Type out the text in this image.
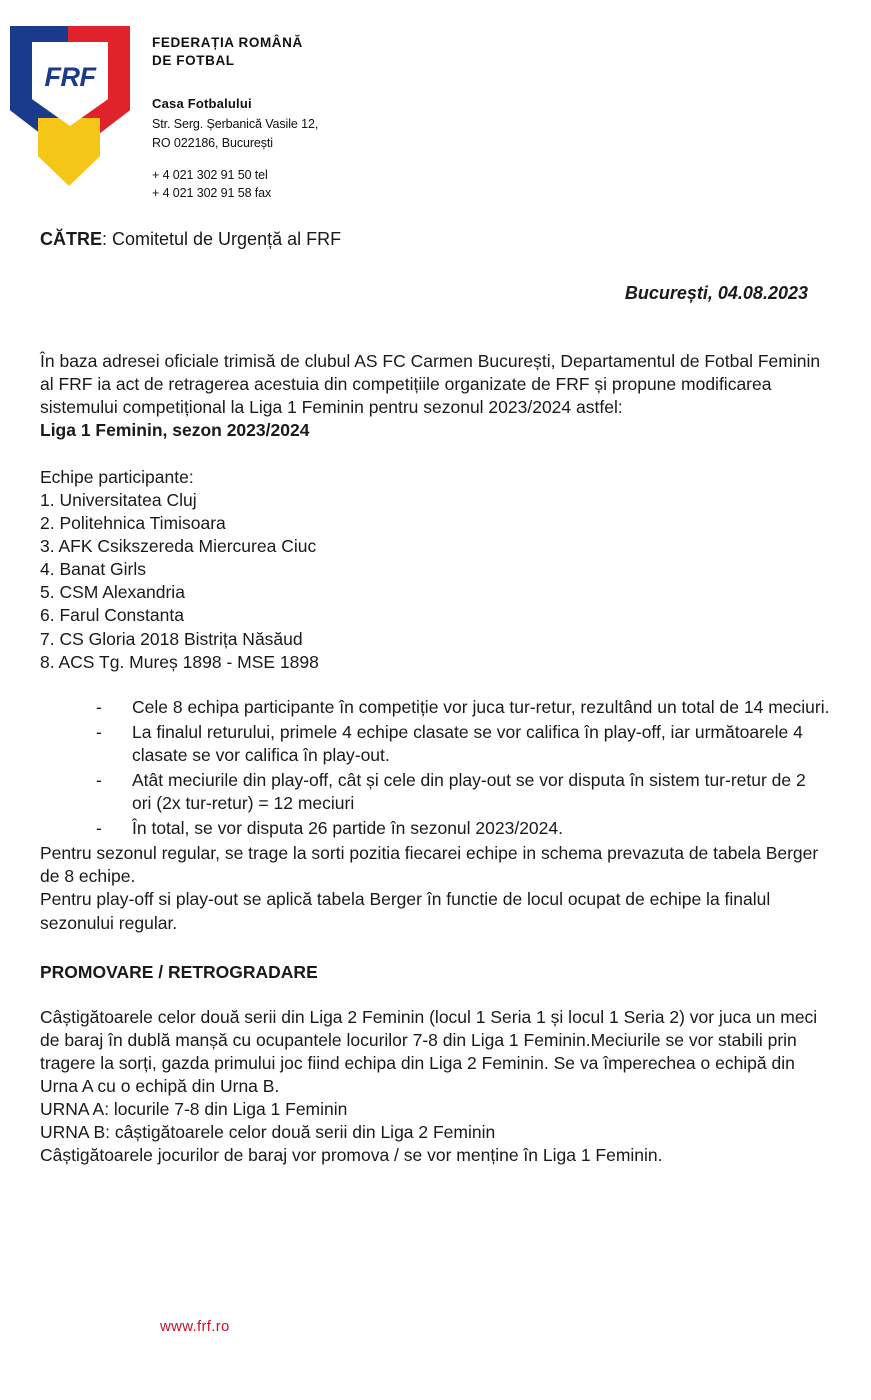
FRF
FEDERAȚIA ROMÂNĂ
DE FOTBAL
Casa Fotbalului
Str. Serg. Șerbanică Vasile 12,
RO 022186, București
+ 4 021 302 91 50 tel
+ 4 021 302 91 58 fax
CĂTRE: Comitetul de Urgență al FRF
București, 04.08.2023

În baza adresei oficiale trimisă de clubul AS FC Carmen București, Departamentul de Fotbal Feminin al FRF ia act de retragerea acestuia din competițiile organizate de FRF și propune modificarea sistemului competițional la Liga 1 Feminin pentru sezonul 2023/2024 astfel:

Liga 1 Feminin, sezon 2023/2024

Echipe participante:

1. Universitatea Cluj
2. Politehnica Timisoara
3. AFK Csikszereda Miercurea Ciuc
4. Banat Girls
5. CSM Alexandria
6. Farul Constanta
7. CS Gloria 2018 Bistrița Năsăud
8. ACS Tg. Mureș 1898 - MSE 1898
- Cele 8 echipa participante în competiție vor juca tur-retur, rezultând un total de 14 meciuri.
- La finalul returului, primele 4 echipe clasate se vor califica în play-off, iar următoarele 4 clasate se vor califica în play-out.
- Atât meciurile din play-off, cât și cele din play-out se vor disputa în sistem tur-retur de 2 ori (2x tur-retur) = 12 meciuri
- În total, se vor disputa 26 partide în sezonul 2023/2024.

Pentru sezonul regular, se trage la sorti pozitia fiecarei echipe in schema prevazuta de tabela Berger de 8 echipe.

Pentru play-off si play-out se aplică tabela Berger în functie de locul ocupat de echipe la finalul sezonului regular.

PROMOVARE / RETROGRADARE

Câștigătoarele celor două serii din Liga 2 Feminin (locul 1 Seria 1 și locul 1 Seria 2) vor juca un meci de baraj în dublă manșă cu ocupantele locurilor 7-8 din Liga 1 Feminin.Meciurile se vor stabili prin tragere la sorți, gazda primului joc fiind echipa din Liga 2 Feminin. Se va împerechea o echipă din Urna A cu o echipă din Urna B.

URNA A: locurile 7-8 din Liga 1 Feminin

URNA B: câștigătoarele celor două serii din Liga 2 Feminin

Câștigătoarele jocurilor de baraj vor promova / se vor menține în Liga 1 Feminin.

www.frf.ro
